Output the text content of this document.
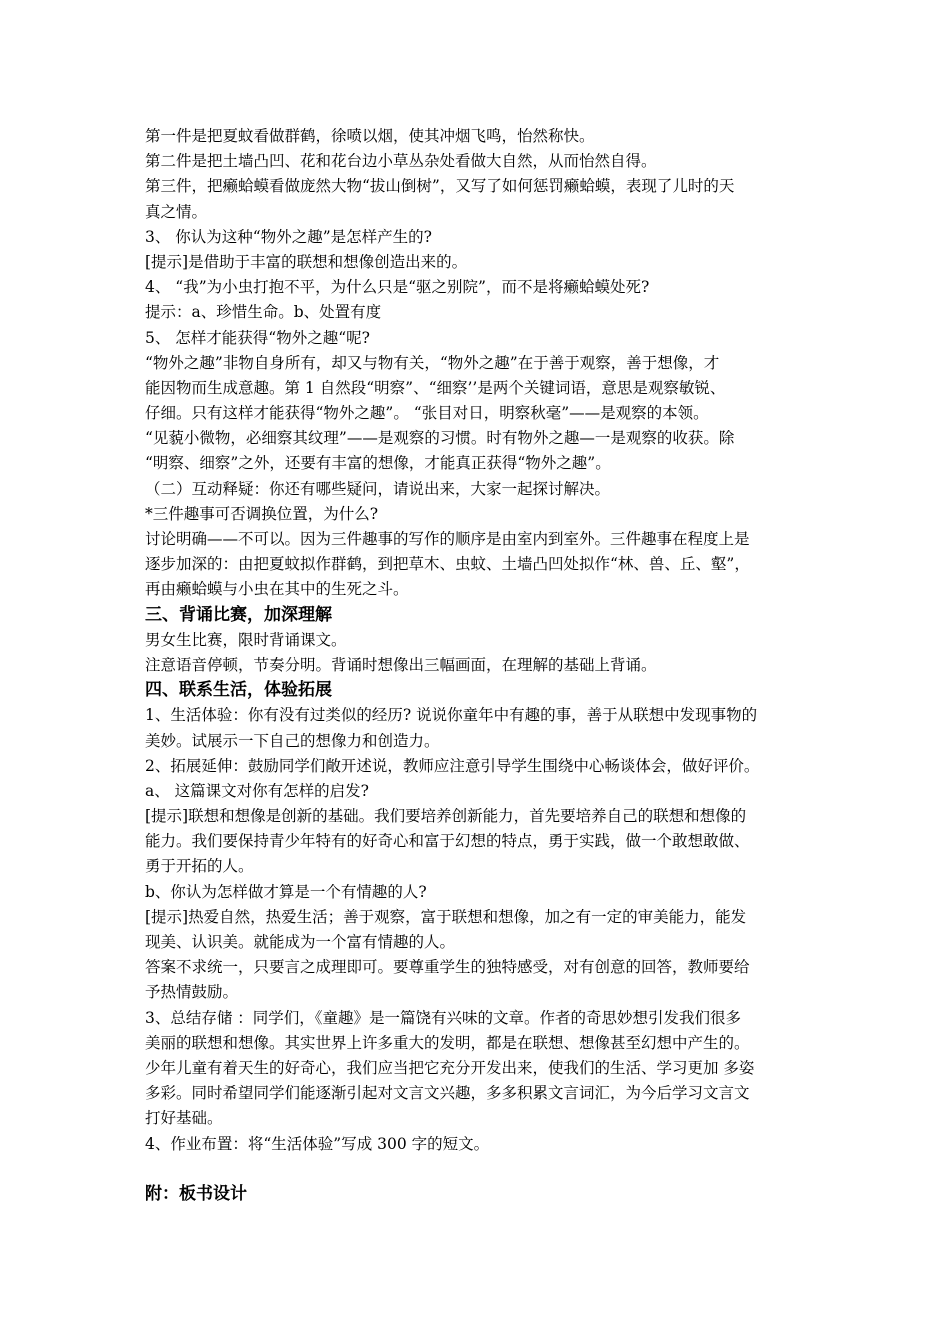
第一件是把夏蚊看做群鹤，徐喷以烟，使其冲烟飞鸣，怡然称快。
第二件是把土墙凸凹、花和花台边小草丛杂处看做大自然，从而怡然自得。
第三件，把癞蛤蟆看做庞然大物“拔山倒树”，又写了如何惩罚癞蛤蟆，表现了儿时的天
真之情。
3、 你认为这种“物外之趣”是怎样产生的?
[提示]是借助于丰富的联想和想像创造出来的。
4、 “我”为小虫打抱不平，为什么只是“驱之别院”，而不是将癞蛤蟆处死?
提示：a、珍惜生命。b、处置有度
5、 怎样才能获得“物外之趣“呢?
“物外之趣”非物自身所有，却又与物有关，“物外之趣”在于善于观察，善于想像，才
能因物而生成意趣。第 1 自然段“明察”、“细察’’是两个关键词语，意思是观察敏锐、
仔细。只有这样才能获得“物外之趣”。 “张目对日，明察秋毫”——是观察的本领。
“见藐小微物，必细察其纹理”——是观察的习惯。时有物外之趣—一是观察的收获。除
“明察、细察”之外，还要有丰富的想像，才能真正获得“物外之趣”。
（二）互动释疑：你还有哪些疑问，请说出来，大家一起探讨解决。
*三件趣事可否调换位置，为什么?
讨论明确——不可以。因为三件趣事的写作的顺序是由室内到室外。三件趣事在程度上是
逐步加深的：由把夏蚊拟作群鹤，到把草木、虫蚊、土墙凸凹处拟作“林、兽、丘、壑”，
再由癞蛤蟆与小虫在其中的生死之斗。
三、背诵比赛，加深理解
男女生比赛，限时背诵课文。
注意语音停顿，节奏分明。背诵时想像出三幅画面，在理解的基础上背诵。
四、联系生活，体验拓展
1、生活体验：你有没有过类似的经历? 说说你童年中有趣的事，善于从联想中发现事物的
美妙。试展示一下自己的想像力和创造力。
2、拓展延伸：鼓励同学们敞开述说，教师应注意引导学生围绕中心畅谈体会，做好评价。
a、 这篇课文对你有怎样的启发?
[提示]联想和想像是创新的基础。我们要培养创新能力，首先要培养自己的联想和想像的
能力。我们要保持青少年特有的好奇心和富于幻想的特点，勇于实践，做一个敢想敢做、
勇于开拓的人。
b、你认为怎样做才算是一个有情趣的人?
[提示]热爱自然，热爱生活；善于观察，富于联想和想像，加之有一定的审美能力，能发
现美、认识美。就能成为一个富有情趣的人。
答案不求统一，只要言之成理即可。要尊重学生的独特感受，对有创意的回答，教师要给
予热情鼓励。
3、总结存储 ：同学们，《童趣》是一篇饶有兴味的文章。作者的奇思妙想引发我们很多
美丽的联想和想像。其实世界上许多重大的发明，都是在联想、想像甚至幻想中产生的。
少年儿童有着天生的好奇心，我们应当把它充分开发出来，使我们的生活、学习更加 多姿
多彩。同时希望同学们能逐渐引起对文言文兴趣，多多积累文言词汇，为今后学习文言文
打好基础。
4、作业布置：将“生活体验”写成 300 字的短文。
附：板书设计
